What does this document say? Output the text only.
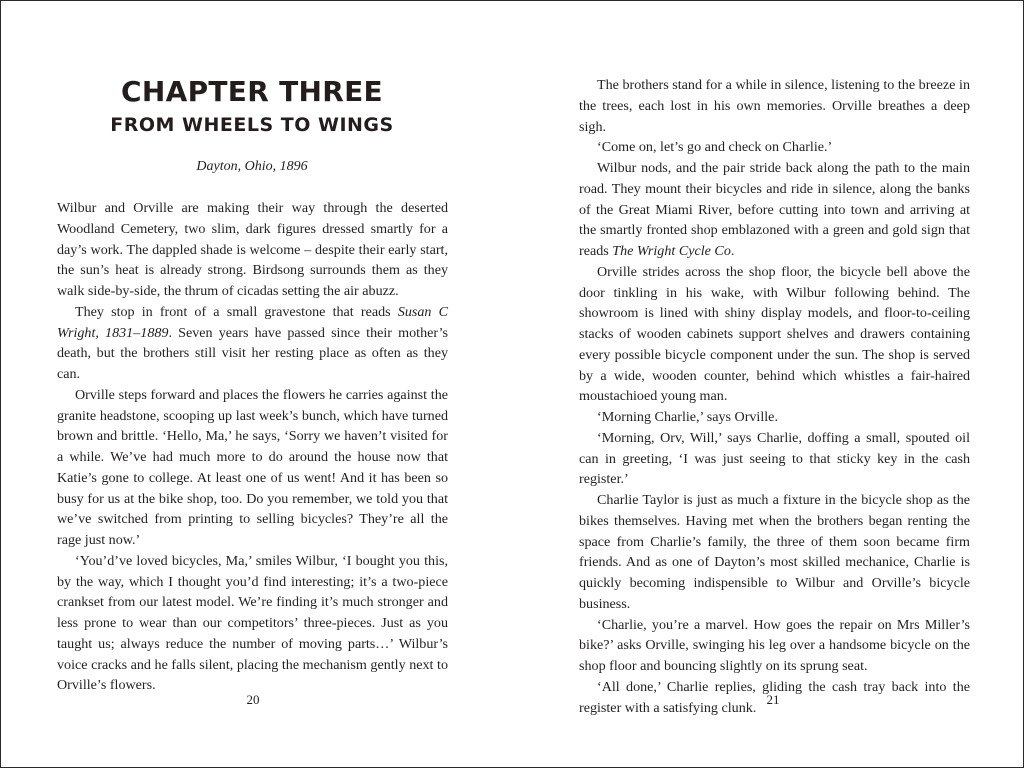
CHAPTER THREE
FROM WHEELS TO WINGS
Dayton, Ohio, 1896

Wilbur and Orville are making their way through the deserted Woodland Cemetery, two slim, dark figures dressed smartly for a day’s work. The dappled shade is welcome – despite their early start, the sun’s heat is already strong. Birdsong surrounds them as they walk side-by-side, the thrum of cicadas setting the air abuzz.

They stop in front of a small gravestone that reads Susan C Wright, 1831–1889. Seven years have passed since their mother’s death, but the brothers still visit her resting place as often as they can.

Orville steps forward and places the flowers he carries against the granite headstone, scooping up last week’s bunch, which have turned brown and brittle. ‘Hello, Ma,’ he says, ‘Sorry we haven’t visited for a while. We’ve had much more to do around the house now that Katie’s gone to college. At least one of us went! And it has been so busy for us at the bike shop, too. Do you remember, we told you that we’ve switched from printing to selling bicycles? They’re all the rage just now.’

‘You’d’ve loved bicycles, Ma,’ smiles Wilbur, ‘I bought you this, by the way, which I thought you’d find interesting; it’s a two-piece crankset from our latest model. We’re finding it’s much stronger and less prone to wear than our competitors’ three-pieces. Just as you taught us; always reduce the number of moving parts…’ Wilbur’s voice cracks and he falls silent, placing the mechanism gently next to Orville’s flowers.

20

The brothers stand for a while in silence, listening to the breeze in the trees, each lost in his own memories. Orville breathes a deep sigh.

‘Come on, let’s go and check on Charlie.’

Wilbur nods, and the pair stride back along the path to the main road. They mount their bicycles and ride in silence, along the banks of the Great Miami River, before cutting into town and arriving at the smartly fronted shop emblazoned with a green and gold sign that reads The Wright Cycle Co.

Orville strides across the shop floor, the bicycle bell above the door tinkling in his wake, with Wilbur following behind. The showroom is lined with shiny display models, and floor-to-ceiling stacks of wooden cabinets support shelves and drawers containing every possible bicycle component under the sun. The shop is served by a wide, wooden counter, behind which whistles a fair-haired moustachioed young man.

‘Morning Charlie,’ says Orville.

‘Morning, Orv, Will,’ says Charlie, doffing a small, spouted oil can in greeting, ‘I was just seeing to that sticky key in the cash register.’

Charlie Taylor is just as much a fixture in the bicycle shop as the bikes themselves. Having met when the brothers began renting the space from Charlie’s family, the three of them soon became firm friends. And as one of Dayton’s most skilled mechanice, Charlie is quickly becoming indispensible to Wilbur and Orville’s bicycle business.

‘Charlie, you’re a marvel. How goes the repair on Mrs Miller’s bike?’ asks Orville, swinging his leg over a handsome bicycle on the shop floor and bouncing slightly on its sprung seat.

‘All done,’ Charlie replies, gliding the cash tray back into the register with a satisfying clunk. 21
